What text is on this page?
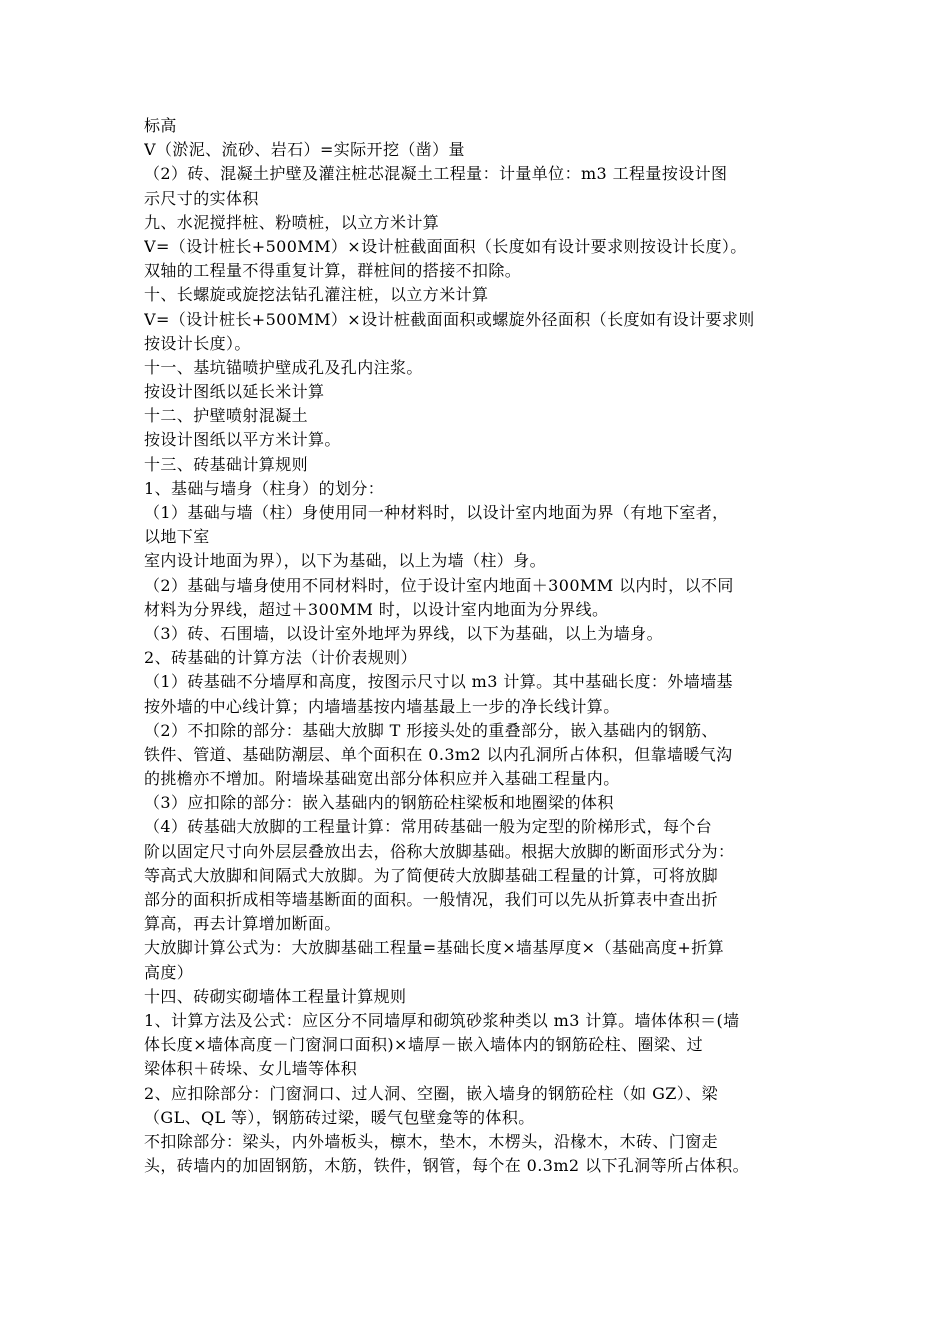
标高
V（淤泥、流砂、岩石）=实际开挖（凿）量
（2）砖、混凝土护壁及灌注桩芯混凝土工程量：计量单位：m3 工程量按设计图
示尺寸的实体积
九、水泥搅拌桩、粉喷桩，以立方米计算
V=（设计桩长+500MM）×设计桩截面面积（长度如有设计要求则按设计长度）。
双轴的工程量不得重复计算，群桩间的搭接不扣除。
十、长螺旋或旋挖法钻孔灌注桩，以立方米计算
V=（设计桩长+500MM）×设计桩截面面积或螺旋外径面积（长度如有设计要求则
按设计长度）。
十一、基坑锚喷护壁成孔及孔内注浆。
按设计图纸以延长米计算
十二、护壁喷射混凝土
按设计图纸以平方米计算。
十三、砖基础计算规则
1、基础与墙身（柱身）的划分：
（1）基础与墙（柱）身使用同一种材料时，以设计室内地面为界（有地下室者，
以地下室
室内设计地面为界），以下为基础，以上为墙（柱）身。
（2）基础与墙身使用不同材料时，位于设计室内地面＋300MM 以内时，以不同
材料为分界线，超过＋300MM 时，以设计室内地面为分界线。
（3）砖、石围墙，以设计室外地坪为界线，以下为基础，以上为墙身。
2、砖基础的计算方法（计价表规则）
（1）砖基础不分墙厚和高度，按图示尺寸以 m3 计算。其中基础长度：外墙墙基
按外墙的中心线计算；内墙墙基按内墙基最上一步的净长线计算。
（2）不扣除的部分：基础大放脚 T 形接头处的重叠部分，嵌入基础内的钢筋、
铁件、管道、基础防潮层、单个面积在 0.3m2 以内孔洞所占体积，但靠墙暖气沟
的挑檐亦不增加。附墙垛基础宽出部分体积应并入基础工程量内。
（3）应扣除的部分：嵌入基础内的钢筋砼柱梁板和地圈梁的体积
（4）砖基础大放脚的工程量计算：常用砖基础一般为定型的阶梯形式，每个台
阶以固定尺寸向外层层叠放出去，俗称大放脚基础。根据大放脚的断面形式分为：
等高式大放脚和间隔式大放脚。为了简便砖大放脚基础工程量的计算，可将放脚
部分的面积折成相等墙基断面的面积。一般情况，我们可以先从折算表中查出折
算高，再去计算增加断面。
大放脚计算公式为：大放脚基础工程量=基础长度×墙基厚度×（基础高度+折算
高度）
十四、砖砌实砌墙体工程量计算规则
1、计算方法及公式：应区分不同墙厚和砌筑砂浆种类以 m3 计算。墙体体积＝(墙
体长度×墙体高度－门窗洞口面积)×墙厚－嵌入墙体内的钢筋砼柱、圈梁、过
梁体积＋砖垛、女儿墙等体积
2、应扣除部分：门窗洞口、过人洞、空圈，嵌入墙身的钢筋砼柱（如 GZ）、梁
（GL、QL 等），钢筋砖过梁，暖气包壁龛等的体积。
不扣除部分：梁头，内外墙板头，檩木，垫木，木楞头，沿椽木，木砖、门窗走
头，砖墙内的加固钢筋，木筋，铁件，钢管，每个在 0.3m2 以下孔洞等所占体积。
